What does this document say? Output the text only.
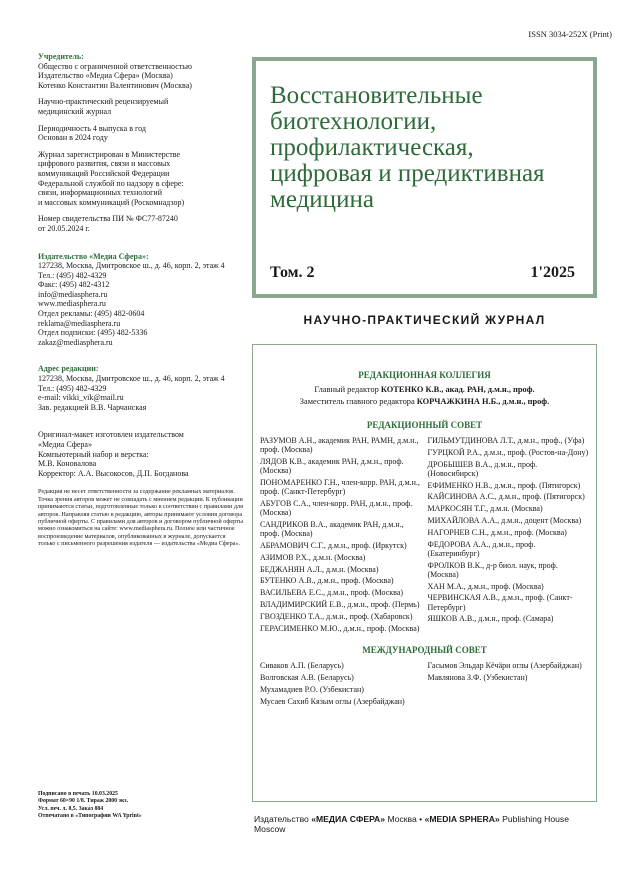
ISSN 3034-252X (Print)
Учредитель:
Общество с ограниченной ответственностью
Издательство «Медиа Сфера» (Москва)
Котенко Константин Валентинович (Москва)
Научно-практический рецензируемый
медицинский журнал
Периодичность 4 выпуска в год
Основан в 2024 году
Журнал зарегистрирован в Министерстве
цифрового развития, связи и массовых
коммуникаций Российской Федерации
Федеральной службой по надзору в сфере:
связи, информационных технологий
и массовых коммуникаций (Роскомнадзор)
Номер свидетельства ПИ № ФС77-87240
от 20.05.2024 г.
Издательство «Медиа Сфера»:
127238, Москва, Дмитровское ш., д. 46, корп. 2, этаж 4
Тел.: (495) 482-4329
Факс: (495) 482-4312
info@mediasphera.ru
www.mediasphera.ru
Отдел рекламы: (495) 482-0604
reklama@mediasphera.ru
Отдел подписки: (495) 482-5336
zakaz@mediasphera.ru
Адрес редакции:
127238, Москва, Дмитровское ш., д. 46, корп. 2, этаж 4
Тел.: (495) 482-4329
e-mail: vikki_vik@mail.ru
Зав. редакцией В.В. Чарчанская
Оригинал-макет изготовлен издательством
«Медиа Сфера»
Компьютерный набор и верстка:
М.В. Коновалова
Корректор: А.А. Высокосов, Д.П. Богданова
Редакция не несет ответственности за содержание рекламных материалов. Точка зрения авторов может не совпадать с мнением редакции. К публикации принимаются статьи, подготовленные только в соответствии с правилами для авторов. Направляя статью в редакцию, авторы принимают условия договора публичной оферты. С правилами для авторов и договором публичной оферты можно ознакомиться на сайте: www.mediasphera.ru. Полное или частичное воспроизведение материалов, опубликованных в журнале, допускается только с письменного разрешения издателя — издательства «Медиа Сфера».
Подписано в печать 10.03.2025
Формат 60×90 1/8. Тираж 2000 экз.
Усл. печ. л. 8,5. Заказ 884
Отпечатано в «Типографии WA Yprint»
Восстановительные
биотехнологии,
профилактическая,
цифровая и предиктивная
медицина
Том. 2	1'2025
НАУЧНО-ПРАКТИЧЕСКИЙ ЖУРНАЛ
РЕДАКЦИОННАЯ КОЛЛЕГИЯ
Главный редактор КОТЕНКО К.В., акад. РАН, д.м.н., проф.
Заместитель главного редактора КОРЧАЖКИНА Н.Б., д.м.н., проф.
РЕДАКЦИОННЫЙ СОВЕТ
РАЗУМОВ А.Н., академик РАН, РАМН, д.м.н., проф. (Москва)
ЛЯДОВ К.В., академик РАН, д.м.н., проф. (Москва)
ПОНОМАРЕНКО Г.Н., член-корр. РАН, д.м.н., проф. (Санкт-Петербург)
АБУГОВ С.А., член-корр. РАН, д.м.н., проф. (Москва)
САНДРИКОВ В.А., академик РАН, д.м.н., проф. (Москва)
АБРАМОВИЧ С.Г., д.м.н., проф. (Иркутск)
АЗИМОВ Р.Х., д.м.н. (Москва)
БЕДЖАНЯН А.Л., д.м.н. (Москва)
БУТЕНКО А.В., д.м.н., проф. (Москва)
ВАСИЛЬЕВА Е.С., д.м.н., проф. (Москва)
ВЛАДИМИРСКИЙ Е.В., д.м.н., проф. (Пермь)
ГВОЗДЕНКО Т.А., д.м.н., проф. (Хабаровск)
ГЕРАСИМЕНКО М.Ю., д.м.н., проф. (Москва)
ГИЛЬМУТДИНОВА Л.Т., д.м.н., проф., (Уфа)
ГУРЦКОЙ Р.А., д.м.н., проф. (Ростов-на-Дону)
ДРОБЫШЕВ В.А., д.м.н., проф. (Новосибирск)
ЕФИМЕНКО Н.В., д.м.н., проф. (Пятигорск)
КАЙСИНОВА А.С., д.м.н., проф. (Пятигорск)
МАРКОСЯН Т.Г., д.м.н. (Москва)
МИХАЙЛОВА А.А., д.м.н., доцент (Москва)
НАГОРНЕВ С.Н., д.м.н., проф. (Москва)
ФЕДОРОВА А.А., д.м.н., проф. (Екатеринбург)
ФРОЛКОВ В.К., д-р биол. наук, проф. (Москва)
ХАН М.А., д.м.н., проф. (Москва)
ЧЕРВИНСКАЯ А.В., д.м.н., проф. (Санкт-Петербург)
ЯШКОВ А.В., д.м.н., проф. (Самара)
МЕЖДУНАРОДНЫЙ СОВЕТ
Сиваков А.П. (Беларусь)
Волговская А.В. (Беларусь)
Мухамадиев Р.О. (Узбекистан)
Мусаев Сахиб Кязым оглы (Азербайджан)
Гасымов Эльдар Кёчäри оглы (Азербайджан)
Мавлянова З.Ф. (Узбекистан)
Издательство «МЕДИА СФЕРА» Москва • «MEDIA SPHERA» Publishing House Moscow
